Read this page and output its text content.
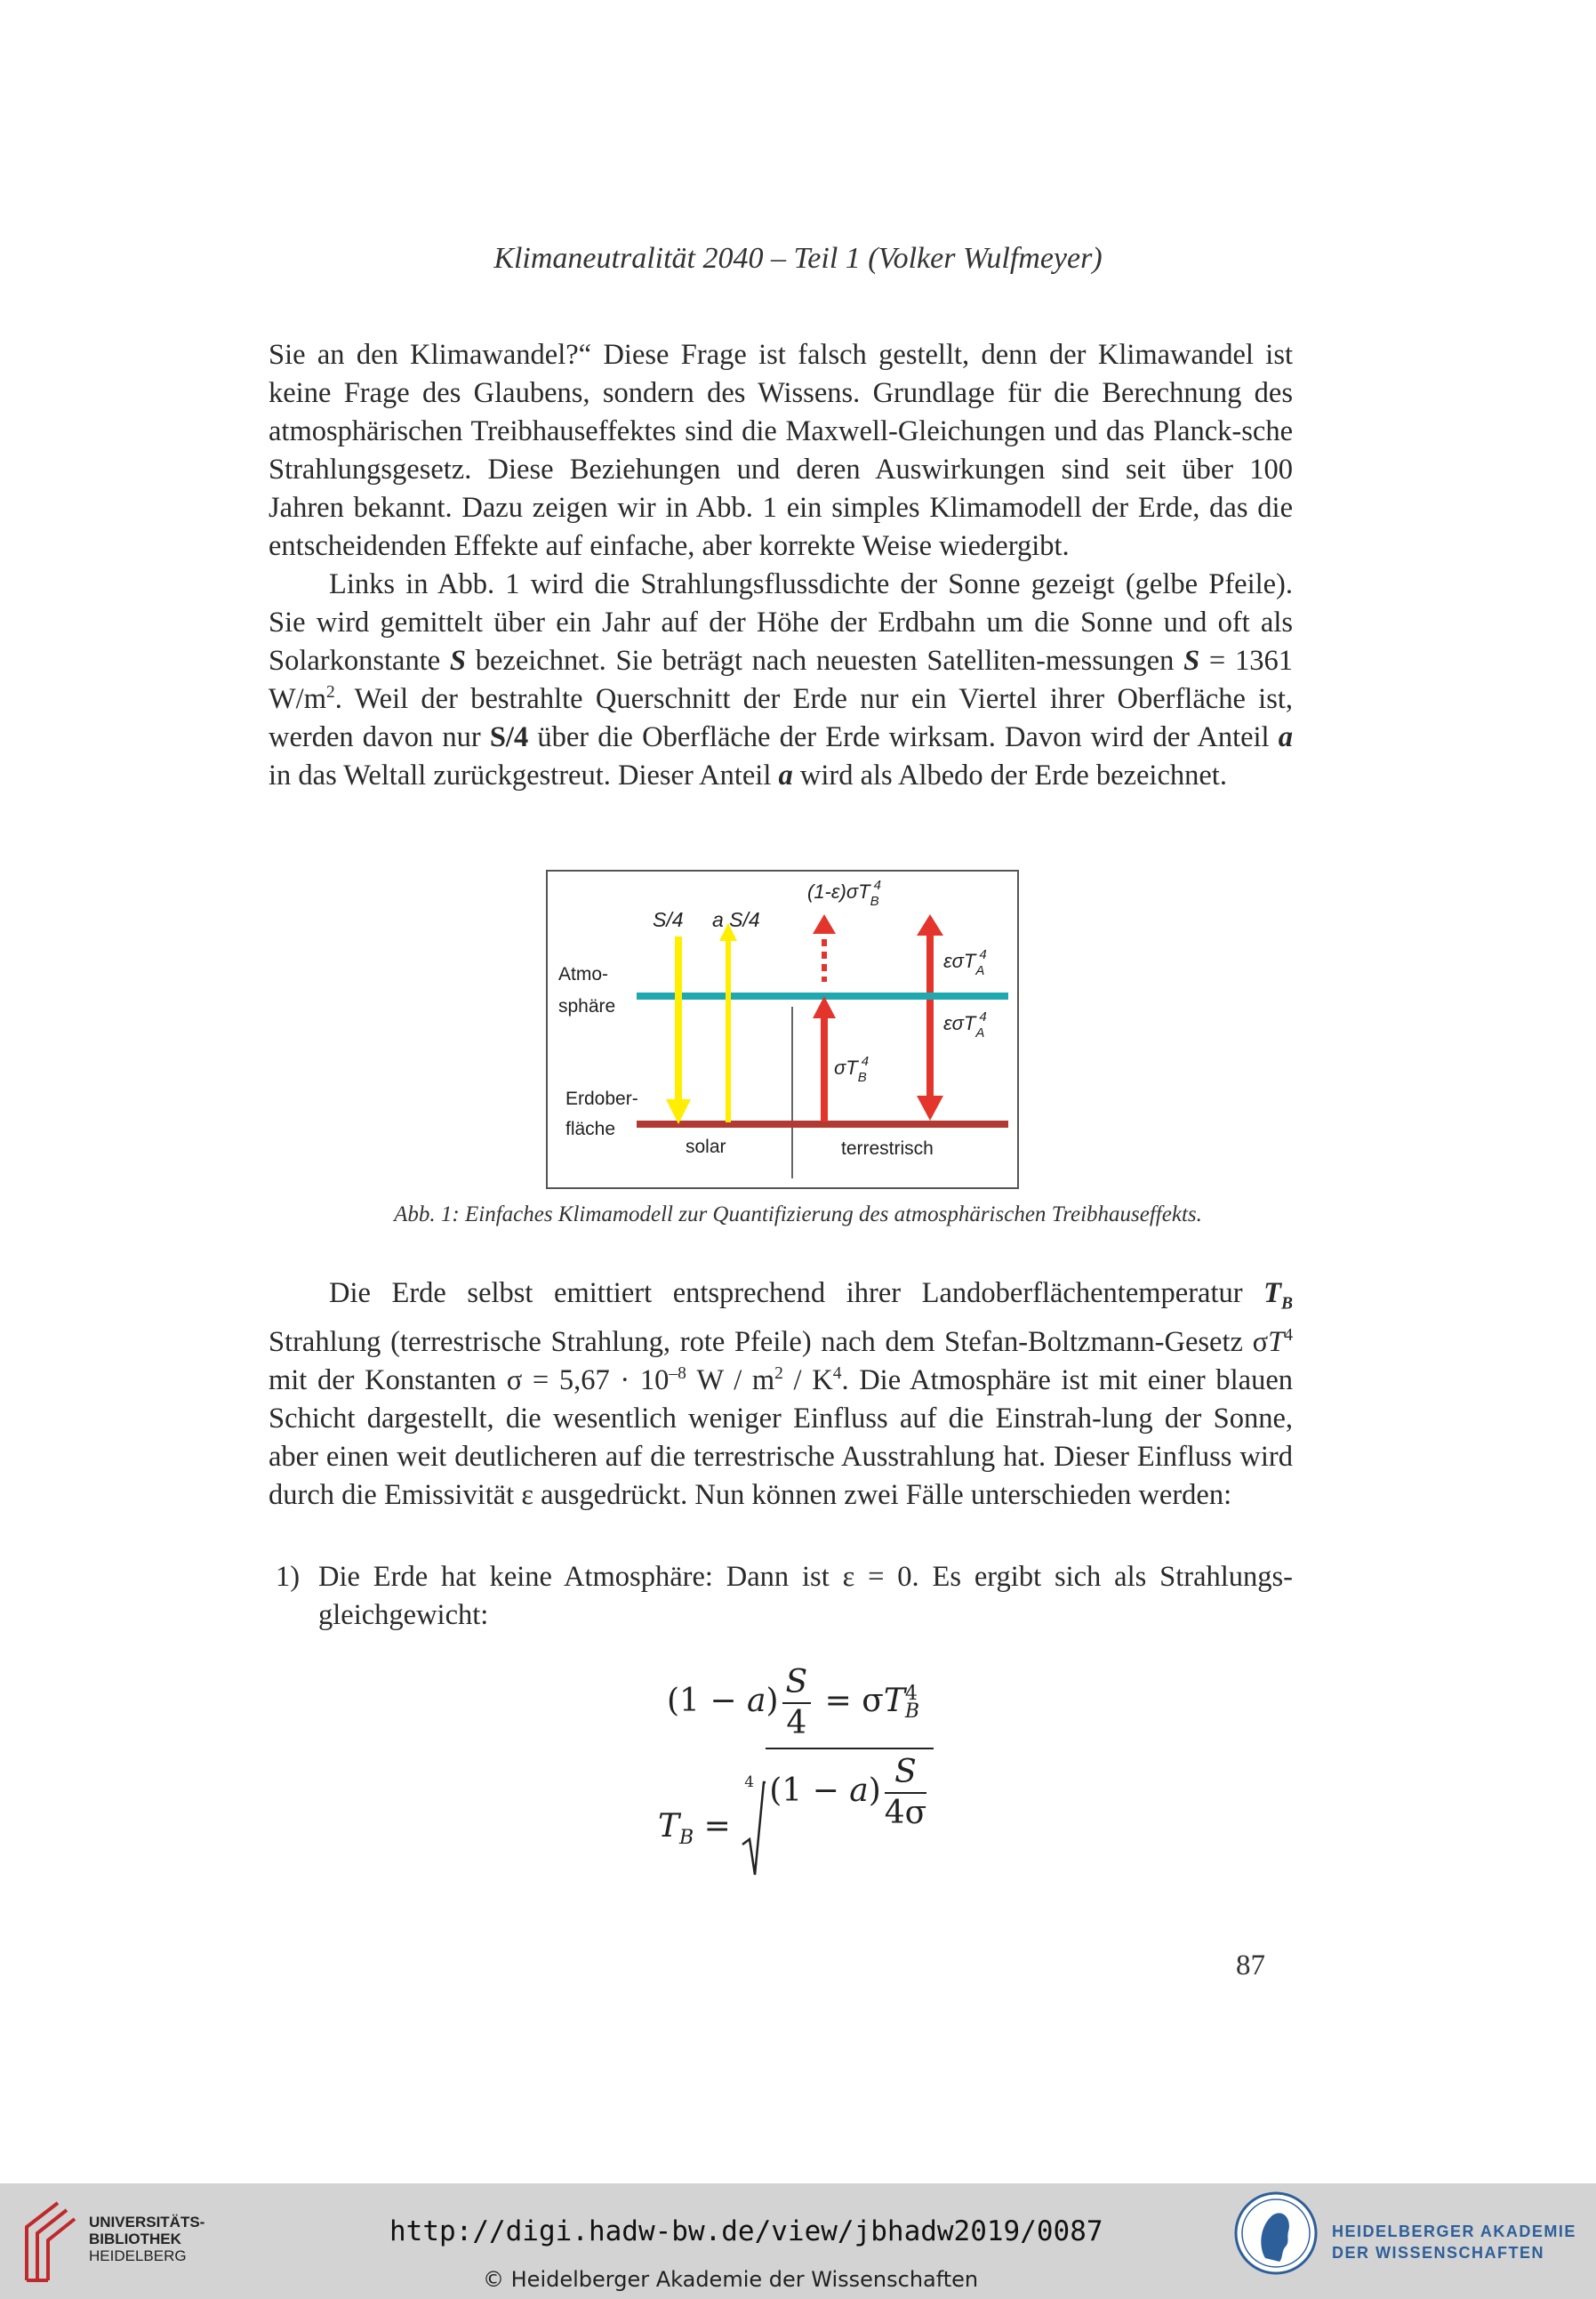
Klimaneutralität 2040 – Teil 1 (Volker Wulfmeyer)

Sie an den Klimawandel?“ Diese Frage ist falsch gestellt, denn der Klimawandel ist keine Frage des Glaubens, sondern des Wissens. Grundlage für die Berechnung des atmosphärischen Treibhauseffektes sind die Maxwell-Gleichungen und das Planck-sche Strahlungsgesetz. Diese Beziehungen und deren Auswirkungen sind seit über 100 Jahren bekannt. Dazu zeigen wir in Abb. 1 ein simples Klimamodell der Erde, das die entscheidenden Effekte auf einfache, aber korrekte Weise wiedergibt.

Links in Abb. 1 wird die Strahlungsflussdichte der Sonne gezeigt (gelbe Pfeile). Sie wird gemittelt über ein Jahr auf der Höhe der Erdbahn um die Sonne und oft als Solarkonstante S bezeichnet. Sie beträgt nach neuesten Satelliten-messungen S = 1361 $W/m^2$. Weil der bestrahlte Querschnitt der Erde nur ein Viertel ihrer Oberfläche ist, werden davon nur S/4 über die Oberfläche der Erde wirksam. Davon wird der Anteil a in das Weltall zurückgestreut. Dieser Anteil a wird als Albedo der Erde bezeichnet.

S/4 a S/4
$(1-\varepsilon)\sigma T_B4$
εσT$_A$4
εσT$_A$4
$\sigma T_B4$
Atmo-
sphäre
Erdober-
fläche
solar	terrestrisch
Abb. 1: Einfaches Klimamodell zur Quantifizierung des atmosphärischen Treibhauseffekts.

Die Erde selbst emittiert entsprechend ihrer Landoberflächentemperatur $T_B$ Strahlung (terrestrische Strahlung, rote Pfeile) nach dem Stefan-Boltzmann-Gesetz $\sigma T^4$ mit der Konstanten $\sigma = 5,67 \cdot 10^{-8}$ W / $m^2 / K^4$. Die Atmosphäre ist mit einer blauen Schicht dargestellt, die wesentlich weniger Einfluss auf die Einstrah-lung der Sonne, aber einen weit deutlicheren auf die terrestrische Ausstrahlung hat. Dieser Einfluss wird durch die Emissivität ε ausgedrückt. Nun können zwei Fälle unterschieden werden:

1) Die Erde hat keine Atmosphäre: Dann ist ε = 0. Es ergibt sich als Strahlungs-gleichgewicht:
$(1 - a) \frac{S}{4} = \sigma T$ 4
B
$T_B$ =
4 $(1 - a) \frac{S}{4\sigma}$
87
UNIVERSITÄTS-
BIBLIOTHEK
HEIDELBERG
http://digi.hadw-bw.de/view/jbhadw2019/0087
© Heidelberger Akademie der Wissenschaften
HEIDELBERGER AKADEMIE
DER WISSENSCHAFTEN
